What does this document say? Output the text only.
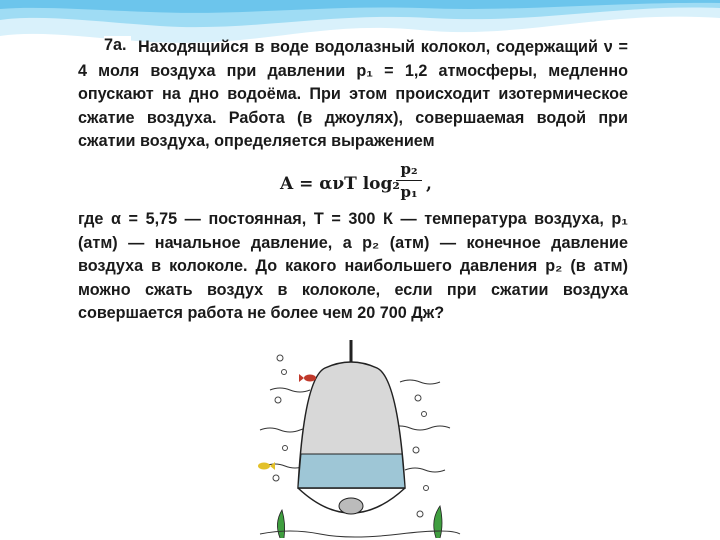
Находящийся в воде водолазный колокол, содержащий ν = 4 моля воздуха при давлении p₁ = 1,2 атмосферы, медленно опускают на дно водоёма. При этом происходит изотермическое сжатие воздуха. Работа (в джоулях), совершаемая водой при сжатии воздуха, определяется выражением

7а.
A = ανT log₂
p₂
p₁ ,

где α = 5,75 — постоянная, T = 300 К — температура воздуха, p₁ (атм) — начальное давление, а p₂ (атм) — конечное давление воздуха в колоколе. До какого наибольшего давления p₂ (в атм) можно сжать воздух в колоколе, если при сжатии воздуха совершается работа не более чем 20 700 Дж?
